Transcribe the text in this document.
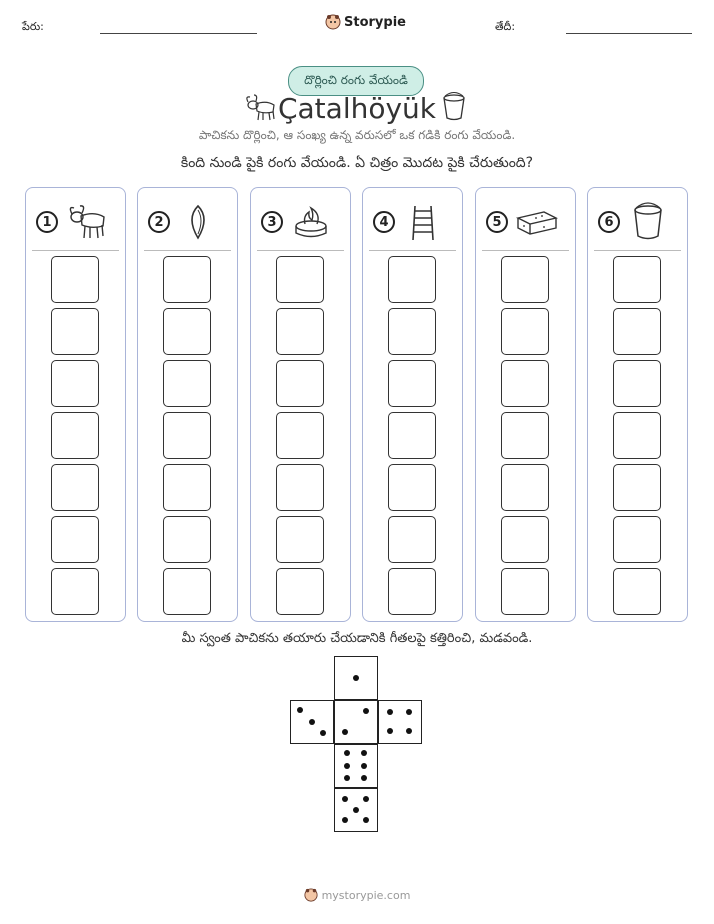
పేరు:	Storypie	తేదీ:
దొర్లించి రంగు వేయండి
Çatalhöyük
పాచికను దొర్లించి, ఆ సంఖ్య ఉన్న వరుసలో ఒక గడికి రంగు వేయండి.
కింది నుండి పైకి రంగు వేయండి. ఏ చిత్రం మొదట పైకి చేరుతుంది?
1	2	3	4	5	6
మీ స్వంత పాచికను తయారు చేయడానికి గీతలపై కత్తిరించి, మడవండి.
mystorypie.com
